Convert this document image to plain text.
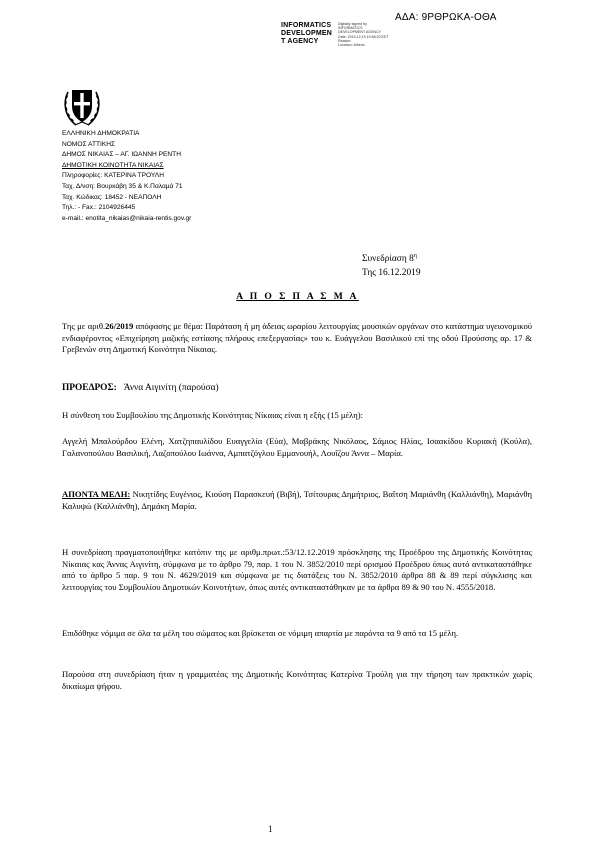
ΑΔΑ: 9ΡΘΡΩΚΑ-ΟΘΑ
INFORMATICS
DEVELOPMEN
T AGENCY
Digitally signed by
INFORMATICS
DEVELOPMENT AGENCY
Date: 2019.12.19 10:58:20 EET
Reason:
Location: Athens
ΕΛΛΗΝΙΚΗ ΔΗΜΟΚΡΑΤΙΑ
ΝΟΜΟΣ ΑΤΤΙΚΗΣ
ΔΗΜΟΣ ΝΙΚΑΙΑΣ – ΑΓ. ΙΩΑΝΝΗ ΡΕΝΤΗ
ΔΗΜΟΤΙΚΗ ΚΟΙΝΟΤΗΤΑ ΝΙΚΑΙΑΣ
Πληροφορίες: ΚΑΤΕΡΙΝΑ ΤΡΟΥΛΗ
Ταχ. Δ/νση: Βουρκάβη 35 & Κ.Παλαμά 71
Ταχ. Κώδικας: 18452 - ΝΕΑΠΟΛΗ
Τηλ.: - Fax.: 2104926445
e-mail.: enotita_nikaias@nikaia-rentis.gov.gr
Συνεδρίαση $8^\eta$
Της 16.12.2019
Α Π Ο Σ Π Α Σ Μ Α
Της με αριθ.26/2019 απόφασης με θέμα: Παράταση ή μη άδειας ωραρίου λειτουργίας μουσικών οργάνων στο κατάστημα υγειονομικού ενδιαφέροντος «Επιχείρηση μαζικής εστίασης πλήρους επεξεργασίας» του κ. Ευάγγελου Βασιλικού επί της οδού Προύσσης αρ. 17 & Γρεβενών στη Δημοτική Κοινότητα Νίκαιας.
ΠΡΟΕΔΡΟΣ: Άννα Αιγινίτη (παρούσα)
Η σύνθεση του Συμβουλίου της Δημοτικής Κοινότητας Νίκαιας είναι η εξής (15 μέλη):
Αγγελή Μπαλούρδου Ελένη, Χατζηπαυλίδου Ευαγγελία (Εύα), Μαβράκης Νικόλαος, Σάμιος Ηλίας, Ισαακίδου Κυριακή (Κούλα), Γαλανοπούλου Βασιλική, Λαζοπούλου Ιωάννα, Αμπατζόγλου Εμμανουήλ, Λουΐζου Άννα – Μαρία.
ΑΠΟΝΤΑ ΜΕΛΗ: Νικητίδης Ευγένιος, Κιούση Παρασκευή (Βιβή), Τσίτουρας Δημήτριος, Βαΐτση Μαριάνθη (Καλλιάνθη), Μαριάνθη Καλυψώ (Καλλιάνθη), Δημάκη Μαρία.
Η συνεδρίαση πραγματοποιήθηκε κατόπιν της με αριθμ.πρωτ.:53/12.12.2019 πρόσκλησης της Προέδρου της Δημοτικής Κοινότητας Νίκαιας κας Άννας Αιγινίτη, σύμφωνα με το άρθρο 79, παρ. 1 του Ν. 3852/2010 περί ορισμού Προέδρου όπως αυτό αντικαταστάθηκε από το άρθρο 5 παρ. 9 του Ν. 4629/2019 και σύμφωνα με τις διατάξεις του Ν. 3852/2010 άρθρα 88 & 89 περί σύγκλισης και λειτουργίας του Συμβουλίου Δημοτικών Κοινοτήτων, όπως αυτές αντικαταστάθηκαν με τα άρθρα 89 & 90 του Ν. 4555/2018.
Επιδόθηκε νόμιμα σε όλα τα μέλη του σώματος και βρίσκεται σε νόμιμη απαρτία με παρόντα τα 9 από τα 15 μέλη.
Παρούσα στη συνεδρίαση ήταν η γραμματέας της Δημοτικής Κοινότητας Κατερίνα Τρούλη για την τήρηση των πρακτικών χωρίς δικαίωμα ψήφου.
1
